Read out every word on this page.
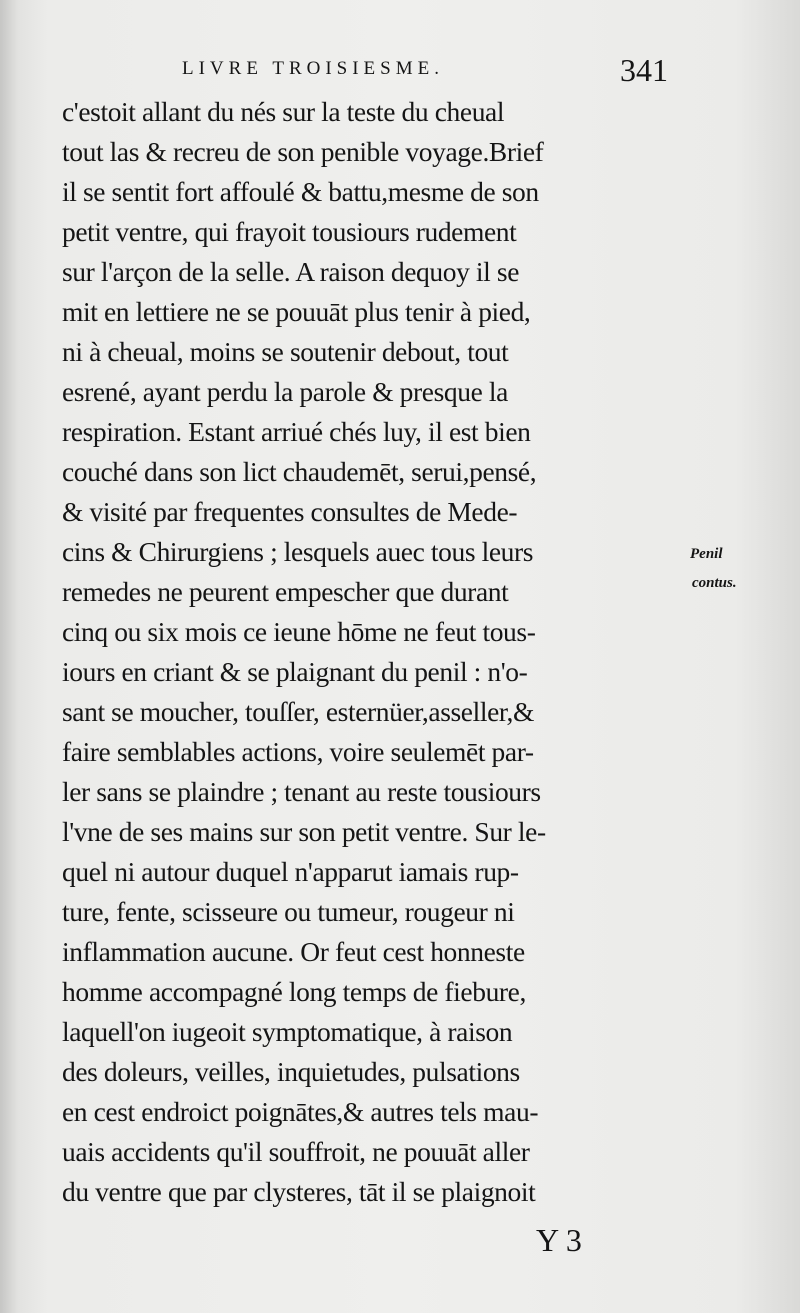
LIVRE TROISIESME.	341
c'estoit allant du nés sur la teste du cheual
tout las & recreu de son penible voyage.Brief
il se sentit fort affoulé & battu,mesme de son
petit ventre, qui frayoit tousiours rudement
sur l'arçon de la selle. A raison dequoy il se
mit en lettiere ne se pouuāt plus tenir à pied,
ni à cheual, moins se soutenir debout, tout
esrené, ayant perdu la parole & presque la
respiration. Estant arriué chés luy, il est bien
couché dans son lict chaudemēt, serui,pensé,
& visité par frequentes consultes de Mede-
cins & Chirurgiens ; lesquels auec tous leurs
remedes ne peurent empescher que durant
cinq ou six mois ce ieune hōme ne feut tous-
iours en criant & se plaignant du penil : n'o-
sant se moucher, touſſer, esternüer,asseller,&
faire semblables actions, voire seulemēt par-
ler sans se plaindre ; tenant au reste tousiours
l'vne de ses mains sur son petit ventre. Sur le-
quel ni autour duquel n'apparut iamais rup-
ture, fente, scisseure ou tumeur, rougeur ni
inflammation aucune. Or feut cest honneste
homme accompagné long temps de fiebure,
laquell'on iugeoit symptomatique, à raison
des doleurs, veilles, inquietudes, pulsations
en cest endroict poignātes,& autres tels mau-
uais accidents qu'il souffroit, ne pouuāt aller
du ventre que par clysteres, tāt il se plaignoit
Penil
contus.
Y 3
